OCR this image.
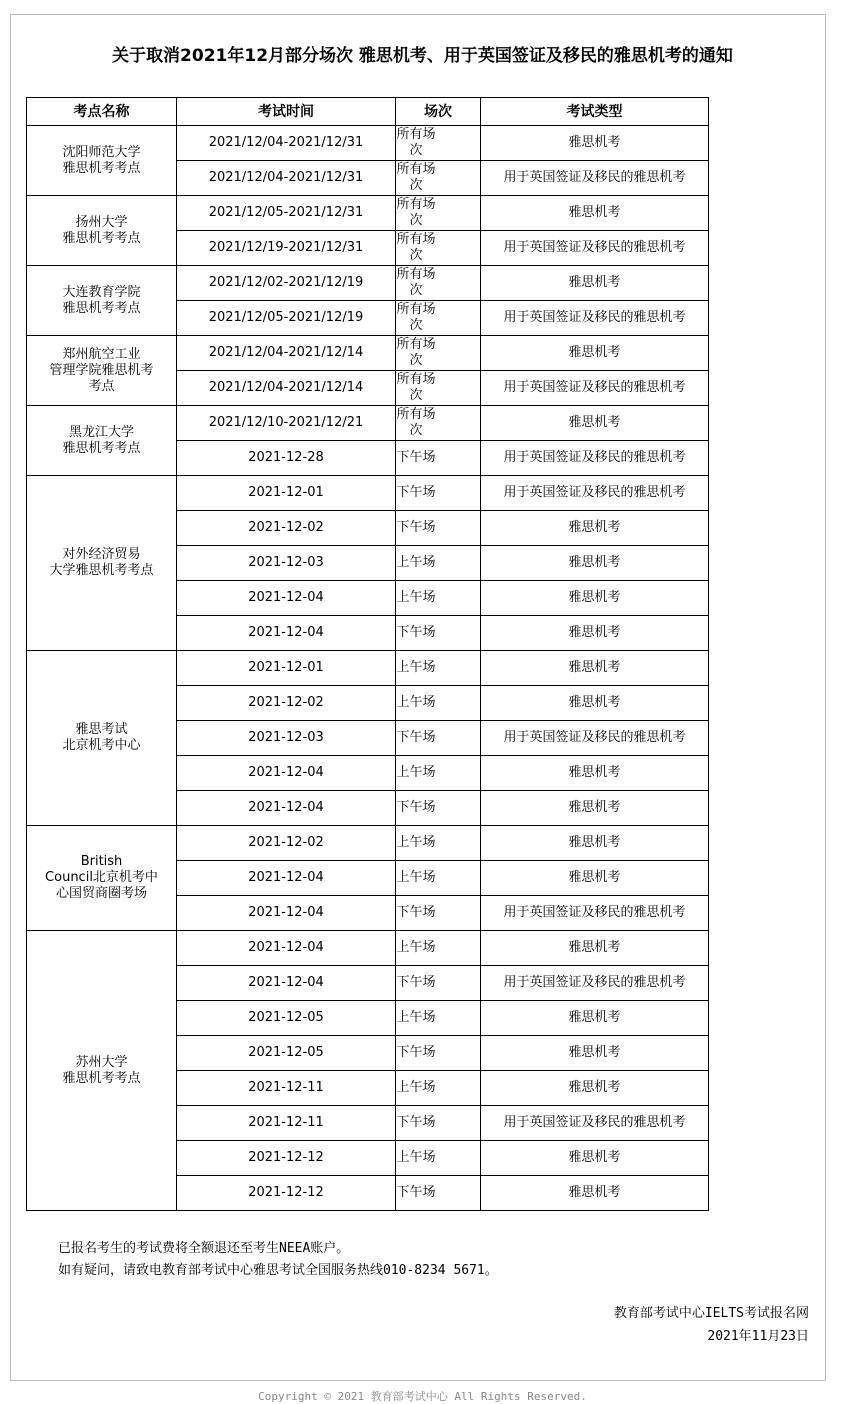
关于取消2021年12月部分场次 雅思机考、用于英国签证及移民的雅思机考的通知
考点名称	考试时间	场次	考试类型
沈阳师范大学
雅思机考考点	2021/12/04-2021/12/31	所有场次	雅思机考
	2021/12/04-2021/12/31	所有场次	用于英国签证及移民的雅思机考
扬州大学
雅思机考考点	2021/12/05-2021/12/31	所有场次	雅思机考
	2021/12/19-2021/12/31	所有场次	用于英国签证及移民的雅思机考
大连教育学院
雅思机考考点	2021/12/02-2021/12/19	所有场次	雅思机考
	2021/12/05-2021/12/19	所有场次	用于英国签证及移民的雅思机考
郑州航空工业
管理学院雅思机考
考点	2021/12/04-2021/12/14	所有场次	雅思机考
	2021/12/04-2021/12/14	所有场次	用于英国签证及移民的雅思机考
黑龙江大学
雅思机考考点	2021/12/10-2021/12/21	所有场次	雅思机考
	2021-12-28	下午场	用于英国签证及移民的雅思机考
对外经济贸易
大学雅思机考考点	2021-12-01	下午场	用于英国签证及移民的雅思机考
	2021-12-02	下午场	雅思机考
	2021-12-03	上午场	雅思机考
	2021-12-04	上午场	雅思机考
	2021-12-04	下午场	雅思机考
雅思考试
北京机考中心	2021-12-01	上午场	雅思机考
	2021-12-02	上午场	雅思机考
	2021-12-03	下午场	用于英国签证及移民的雅思机考
	2021-12-04	上午场	雅思机考
	2021-12-04	下午场	雅思机考
British
Council北京机考中
心国贸商圈考场	2021-12-02	上午场	雅思机考
	2021-12-04	上午场	雅思机考
	2021-12-04	下午场	用于英国签证及移民的雅思机考
苏州大学
雅思机考考点	2021-12-04	上午场	雅思机考
	2021-12-04	下午场	用于英国签证及移民的雅思机考
	2021-12-05	上午场	雅思机考
	2021-12-05	下午场	雅思机考
	2021-12-11	上午场	雅思机考
	2021-12-11	下午场	用于英国签证及移民的雅思机考
	2021-12-12	上午场	雅思机考
	2021-12-12	下午场	雅思机考
已报名考生的考试费将全额退还至考生NEEA账户。
如有疑问，请致电教育部考试中心雅思考试全国服务热线010-8234 5671。
教育部考试中心IELTS考试报名网
2021年11月23日
Copyright © 2021 教育部考试中心 All Rights Reserved.
